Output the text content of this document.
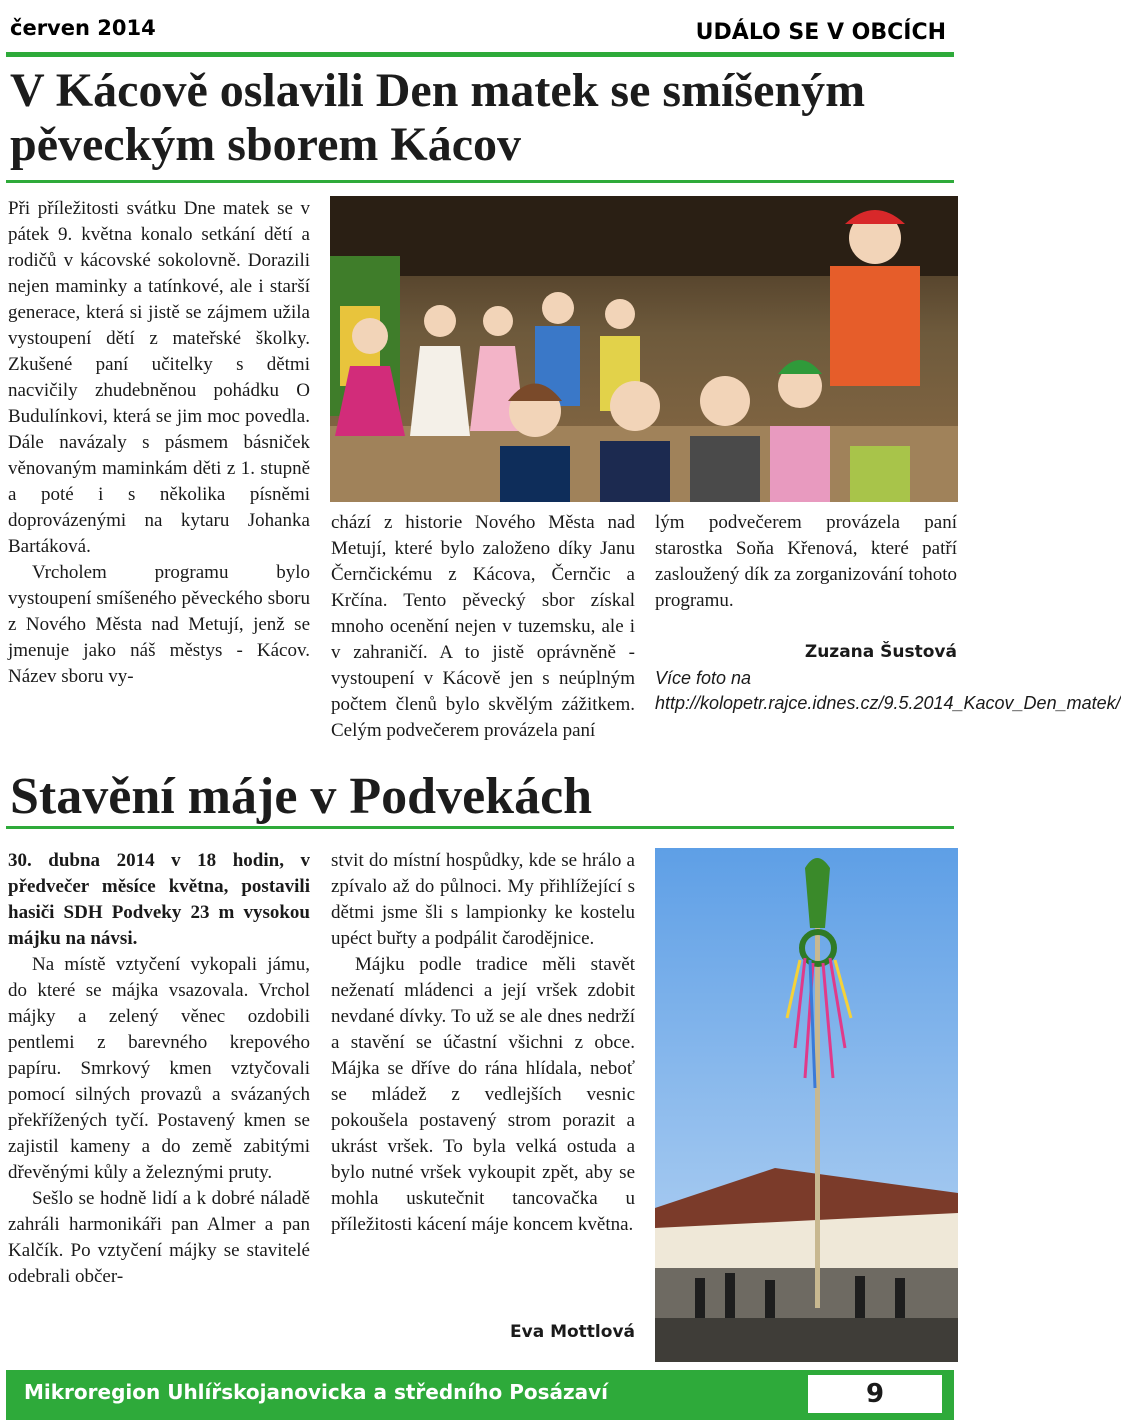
červen 2014	UDÁLO SE V OBCÍCH
V Kácově oslavili Den matek se smíšeným pěveckým sborem Kácov

Při příležitosti svátku Dne matek se v pátek 9. května konalo setkání dětí a rodičů v kácovské sokolovně. Dorazili nejen maminky a tatínkové, ale i starší generace, která si jistě se zájmem užila vystoupení dětí z mateřské školky. Zkušené paní učitelky s dětmi nacvičily zhudebněnou pohádku O Budulínkovi, která se jim moc povedla. Dále navázaly s pásmem básniček věnovaným maminkám děti z 1. stupně a poté i s několika písněmi doprovázenými na kytaru Johanka Bartáková.

Vrcholem programu bylo vystoupení smíšeného pěveckého sboru z Nového Města nad Metují, jenž se jmenuje jako náš městys - Kácov. Název sboru vy-

chází z historie Nového Města nad Metují, které bylo založeno díky Janu Černčickému z Kácova, Černčic a Krčína. Tento pěvecký sbor získal mnoho ocenění nejen v tuzemsku, ale i v zahraničí. A to jistě oprávněně - vystoupení v Kácově jen s neúplným počtem členů bylo skvělým zážitkem. Celým podvečerem provázela paní

lým podvečerem provázela paní starostka Soňa Křenová, které patří zasloužený dík za zorganizování tohoto programu.

Zuzana Šustová
Více foto na http://kolopetr.rajce.idnes.cz/9.5.2014_Kacov_Den_matek/
Stavění máje v Podvekách

30. dubna 2014 v 18 hodin, v předvečer měsíce května, postavili hasiči SDH Podveky 23 m vysokou májku na návsi.

Na místě vztyčení vykopali jámu, do které se májka vsazovala. Vrchol májky a zelený věnec ozdobili pentlemi z barevného krepového papíru. Smrkový kmen vztyčovali pomocí silných provazů a svázaných překřížených tyčí. Postavený kmen se zajistil kameny a do země zabitými dřevěnými kůly a železnými pruty.

Sešlo se hodně lidí a k dobré náladě zahráli harmonikáři pan Almer a pan Kalčík. Po vztyčení májky se stavitelé odebrali občer-

stvit do místní hospůdky, kde se hrálo a zpívalo až do půlnoci. My přihlížející s dětmi jsme šli s lampionky ke kostelu upéct buřty a podpálit čarodějnice.

Májku podle tradice měli stavět neženatí mládenci a její vršek zdobit nevdané dívky. To už se ale dnes nedrží a stavění se účastní všichni z obce. Májka se dříve do rána hlídala, neboť se mládež z vedlejších vesnic pokoušela postavený strom porazit a ukrást vršek. To byla velká ostuda a bylo nutné vršek vykoupit zpět, aby se mohla uskutečnit tancovačka u příležitosti kácení máje koncem května.

Eva Mottlová
Mikroregion Uhlířskojanovicka a středního Posázaví	9
